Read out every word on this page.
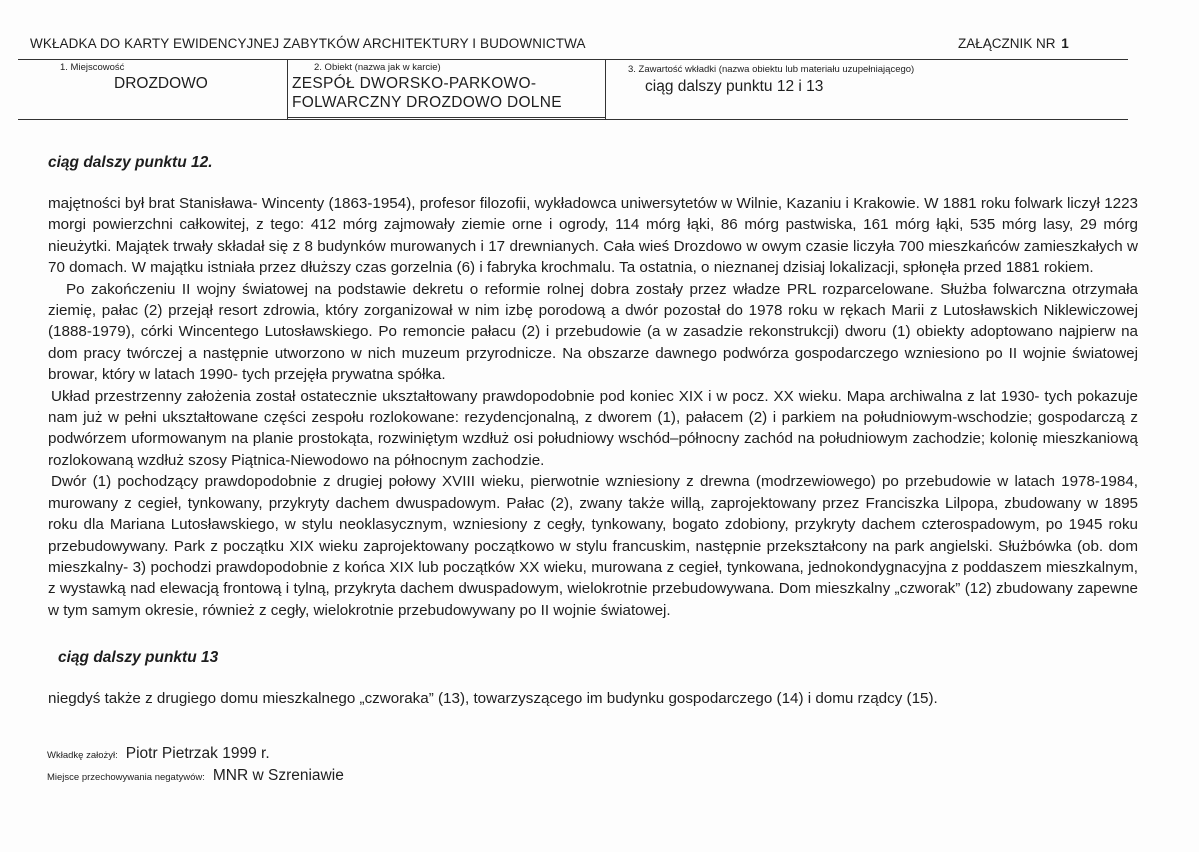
WKŁADKA DO KARTY EWIDENCYJNEJ ZABYTKÓW ARCHITEKTURY I BUDOWNICTWA	ZAŁĄCZNIK NR 1
1. Miejscowość
DROZDOWO
2. Obiekt (nazwa jak w karcie)
ZESPÓŁ DWORSKO-PARKOWO-
FOLWARCZNY DROZDOWO DOLNE
3. Zawartość wkładki (nazwa obiektu lub materiału uzupełniającego)
ciąg dalszy punktu 12 i 13
ciąg dalszy punktu 12.

majętności był brat Stanisława- Wincenty (1863-1954), profesor filozofii, wykładowca uniwersytetów w Wilnie, Kazaniu i Krakowie. W 1881 roku folwark liczył 1223 morgi powierzchni całkowitej, z tego: 412 mórg zajmowały ziemie orne i ogrody, 114 mórg łąki, 86 mórg pastwiska, 161 mórg łąki, 535 mórg lasy, 29 mórg nieużytki. Majątek trwały składał się z 8 budynków murowanych i 17 drewnianych. Cała wieś Drozdowo w owym czasie liczyła 700 mieszkańców zamieszkałych w 70 domach. W majątku istniała przez dłuższy czas gorzelnia (6) i fabryka krochmalu. Ta ostatnia, o nieznanej dzisiaj lokalizacji, spłonęła przed 1881 rokiem.

Po zakończeniu II wojny światowej na podstawie dekretu o reformie rolnej dobra zostały przez władze PRL rozparcelowane. Służba folwarczna otrzymała ziemię, pałac (2) przejął resort zdrowia, który zorganizował w nim izbę porodową a dwór pozostał do 1978 roku w rękach Marii z Lutosławskich Niklewiczowej (1888-1979), córki Wincentego Lutosławskiego. Po remoncie pałacu (2) i przebudowie (a w zasadzie rekonstrukcji) dworu (1) obiekty adoptowano najpierw na dom pracy twórczej a następnie utworzono w nich muzeum przyrodnicze. Na obszarze dawnego podwórza gospodarczego wzniesiono po II wojnie światowej browar, który w latach 1990- tych przejęła prywatna spółka.

Układ przestrzenny założenia został ostatecznie ukształtowany prawdopodobnie pod koniec XIX i w pocz. XX wieku. Mapa archiwalna z lat 1930- tych pokazuje nam już w pełni ukształtowane części zespołu rozlokowane: rezydencjonalną, z dworem (1), pałacem (2) i parkiem na południowym-wschodzie; gospodarczą z podwórzem uformowanym na planie prostokąta, rozwiniętym wzdłuż osi południowy wschód–północny zachód na południowym zachodzie; kolonię mieszkaniową rozlokowaną wzdłuż szosy Piątnica-Niewodowo na północnym zachodzie.

Dwór (1) pochodzący prawdopodobnie z drugiej połowy XVIII wieku, pierwotnie wzniesiony z drewna (modrzewiowego) po przebudowie w latach 1978-1984, murowany z cegieł, tynkowany, przykryty dachem dwuspadowym. Pałac (2), zwany także willą, zaprojektowany przez Franciszka Lilpopa, zbudowany w 1895 roku dla Mariana Lutosławskiego, w stylu neoklasycznym, wzniesiony z cegły, tynkowany, bogato zdobiony, przykryty dachem czterospadowym, po 1945 roku przebudowywany. Park z początku XIX wieku zaprojektowany początkowo w stylu francuskim, następnie przekształcony na park angielski. Służbówka (ob. dom mieszkalny- 3) pochodzi prawdopodobnie z końca XIX lub początków XX wieku, murowana z cegieł, tynkowana, jednokondygnacyjna z poddaszem mieszkalnym, z wystawką nad elewacją frontową i tylną, przykryta dachem dwuspadowym, wielokrotnie przebudowywana. Dom mieszkalny „czworak” (12) zbudowany zapewne w tym samym okresie, również z cegły, wielokrotnie przebudowywany po II wojnie światowej.

ciąg dalszy punktu 13
niegdyś także z drugiego domu mieszkalnego „czworaka” (13), towarzyszącego im budynku gospodarczego (14) i domu rządcy (15).
Wkładkę założył: Piotr Pietrzak 1999 r.
Miejsce przechowywania negatywów: MNR w Szreniawie
